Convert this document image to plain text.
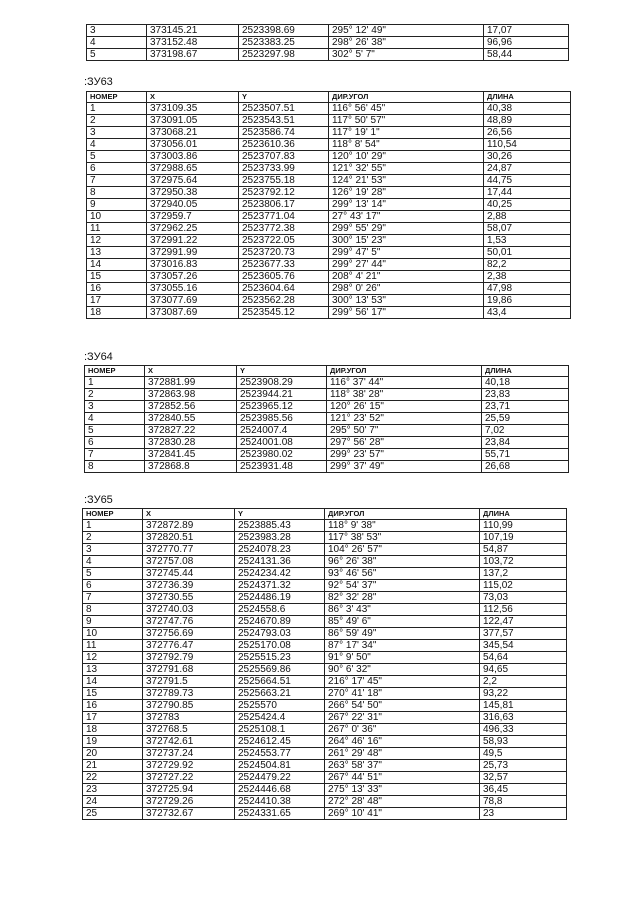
3	373145.21	2523398.69	295° 12' 49"	17,07
4	373152.48	2523383.25	298° 26' 38"	96,96
5	373198.67	2523297.98	302° 5' 7"	58,44
:ЗУ63
НОМЕР	X	Y	ДИР.УГОЛ	ДЛИНА
1	373109.35	2523507.51	116° 56' 45"	40,38
2	373091.05	2523543.51	117° 50' 57"	48,89
3	373068.21	2523586.74	117° 19' 1"	26,56
4	373056.01	2523610.36	118° 8' 54"	110,54
5	373003.86	2523707.83	120° 10' 29"	30,26
6	372988.65	2523733.99	121° 32' 55"	24,87
7	372975.64	2523755.18	124° 21' 53"	44,75
8	372950.38	2523792.12	126° 19' 28"	17,44
9	372940.05	2523806.17	299° 13' 14"	40,25
10	372959.7	2523771.04	27° 43' 17"	2,88
11	372962.25	2523772.38	299° 55' 29"	58,07
12	372991.22	2523722.05	300° 15' 23"	1,53
13	372991.99	2523720.73	299° 47' 5"	50,01
14	373016.83	2523677.33	299° 27' 44"	82,2
15	373057.26	2523605.76	208° 4' 21"	2,38
16	373055.16	2523604.64	298° 0' 26"	47,98
17	373077.69	2523562.28	300° 13' 53"	19,86
18	373087.69	2523545.12	299° 56' 17"	43,4
:ЗУ64
НОМЕР	X	Y	ДИР.УГОЛ	ДЛИНА
1	372881.99	2523908.29	116° 37' 44"	40,18
2	372863.98	2523944.21	118° 38' 28"	23,83
3	372852.56	2523965.12	120° 26' 15"	23,71
4	372840.55	2523985.56	121° 23' 52"	25,59
5	372827.22	2524007.4	295° 50' 7"	7,02
6	372830.28	2524001.08	297° 56' 28"	23,84
7	372841.45	2523980.02	299° 23' 57"	55,71
8	372868.8	2523931.48	299° 37' 49"	26,68
:ЗУ65
НОМЕР	X	Y	ДИР.УГОЛ	ДЛИНА
1	372872.89	2523885.43	118° 9' 38"	110,99
2	372820.51	2523983.28	117° 38' 53"	107,19
3	372770.77	2524078.23	104° 26' 57"	54,87
4	372757.08	2524131.36	96° 26' 38"	103,72
5	372745.44	2524234.42	93° 46' 56"	137,2
6	372736.39	2524371.32	92° 54' 37"	115,02
7	372730.55	2524486.19	82° 32' 28"	73,03
8	372740.03	2524558.6	86° 3' 43"	112,56
9	372747.76	2524670.89	85° 49' 6"	122,47
10	372756.69	2524793.03	86° 59' 49"	377,57
11	372776.47	2525170.08	87° 17' 34"	345,54
12	372792.79	2525515.23	91° 9' 50"	54,64
13	372791.68	2525569.86	90° 6' 32"	94,65
14	372791.5	2525664.51	216° 17' 45"	2,2
15	372789.73	2525663.21	270° 41' 18"	93,22
16	372790.85	2525570	266° 54' 50"	145,81
17	372783	2525424.4	267° 22' 31"	316,63
18	372768.5	2525108.1	267° 0' 36"	496,33
19	372742.61	2524612.45	264° 46' 16"	58,93
20	372737.24	2524553.77	261° 29' 48"	49,5
21	372729.92	2524504.81	263° 58' 37"	25,73
22	372727.22	2524479.22	267° 44' 51"	32,57
23	372725.94	2524446.68	275° 13' 33"	36,45
24	372729.26	2524410.38	272° 28' 48"	78,8
25	372732.67	2524331.65	269° 10' 41"	23
